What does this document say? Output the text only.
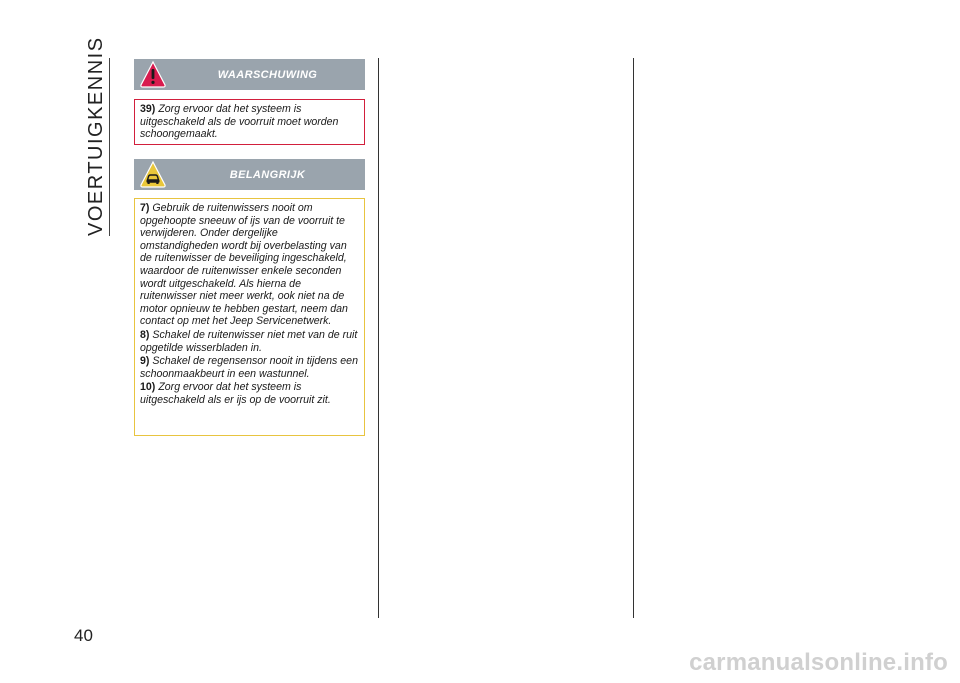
VOERTUIGKENNIS
40
WAARSCHUWING
39) Zorg ervoor dat het systeem is uitgeschakeld als de voorruit moet worden schoongemaakt.
BELANGRIJK
7) Gebruik de ruitenwissers nooit om opgehoopte sneeuw of ijs van de voorruit te verwijderen. Onder dergelijke omstandigheden wordt bij overbelasting van de ruitenwisser de beveiliging ingeschakeld, waardoor de ruitenwisser enkele seconden wordt uitgeschakeld. Als hierna de ruitenwisser niet meer werkt, ook niet na de motor opnieuw te hebben gestart, neem dan contact op met het Jeep Servicenetwerk.
8) Schakel de ruitenwisser niet met van de ruit opgetilde wisserbladen in.
9) Schakel de regensensor nooit in tijdens een schoonmaakbeurt in een wastunnel.
10) Zorg ervoor dat het systeem is uitgeschakeld als er ijs op de voorruit zit.
carmanualsonline.info
